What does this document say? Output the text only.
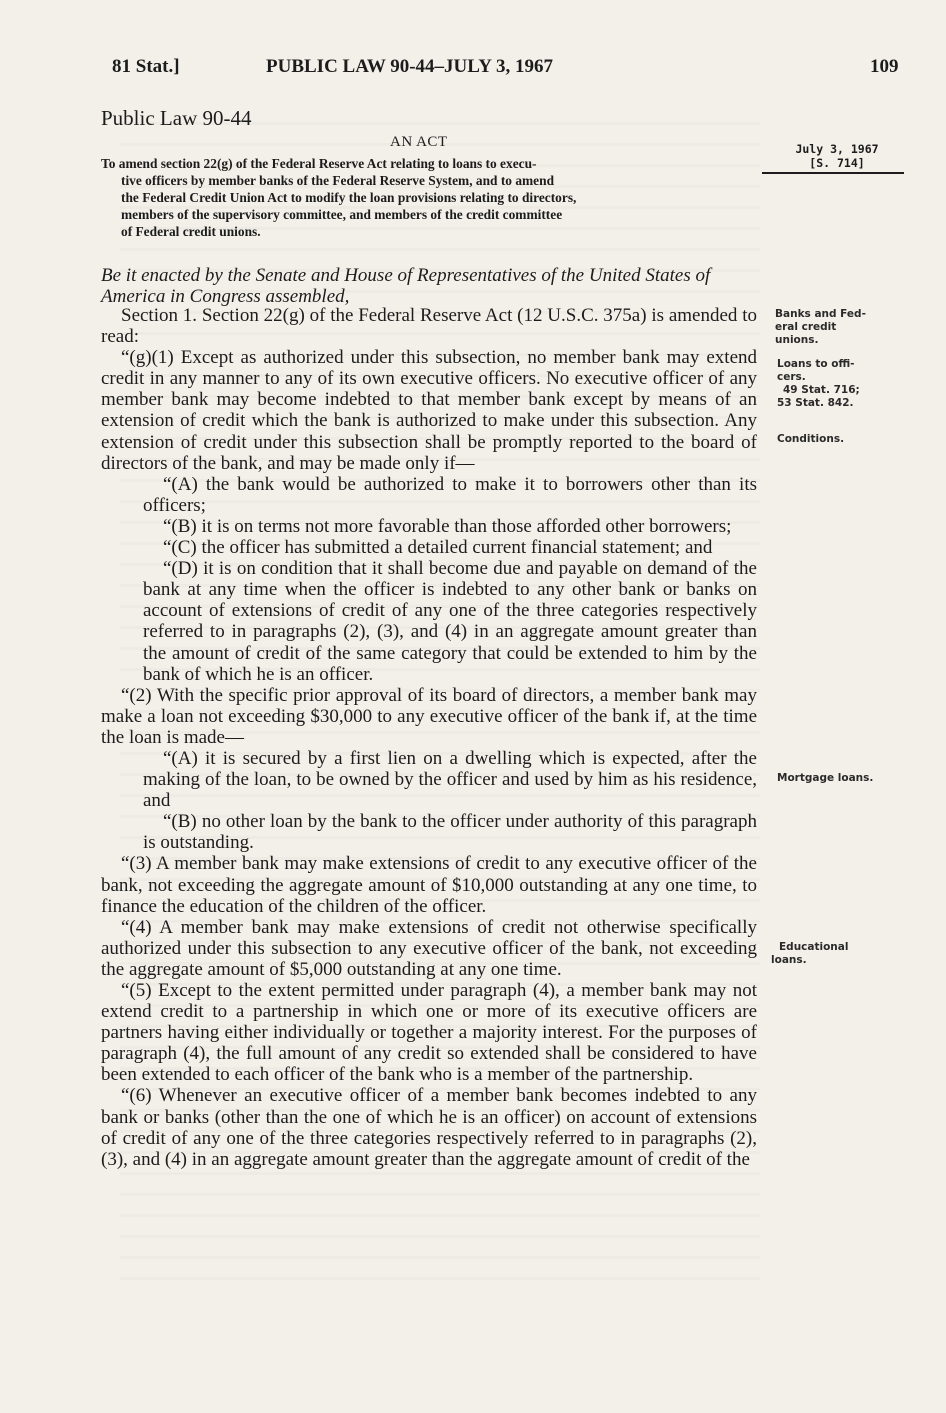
81 Stat.]	PUBLIC LAW 90-44–JULY 3, 1967	109
Public Law 90-44
AN ACT
To amend section 22(g) of the Federal Reserve Act relating to loans to execu-
tive officers by member banks of the Federal Reserve System, and to amend
the Federal Credit Union Act to modify the loan provisions relating to directors,
members of the supervisory committee, and members of the credit committee
of Federal credit unions.
July 3, 1967
[S. 714]
Be it enacted by the Senate and House of Representatives of the United States of America in Congress assembled,

Section 1. Section 22(g) of the Federal Reserve Act (12 U.S.C. 375a) is amended to read:

“(g)(1) Except as authorized under this subsection, no member bank may extend credit in any manner to any of its own executive officers. No executive officer of any member bank may become indebted to that member bank except by means of an extension of credit which the bank is authorized to make under this subsection. Any extension of credit under this subsection shall be promptly reported to the board of directors of the bank, and may be made only if—

“(A) the bank would be authorized to make it to borrowers other than its officers;

“(B) it is on terms not more favorable than those afforded other borrowers;

“(C) the officer has submitted a detailed current financial statement; and

“(D) it is on condition that it shall become due and payable on demand of the bank at any time when the officer is indebted to any other bank or banks on account of extensions of credit of any one of the three categories respectively referred to in paragraphs (2), (3), and (4) in an aggregate amount greater than the amount of credit of the same category that could be extended to him by the bank of which he is an officer.

“(2) With the specific prior approval of its board of directors, a member bank may make a loan not exceeding $30,000 to any executive officer of the bank if, at the time the loan is made—

“(A) it is secured by a first lien on a dwelling which is expected, after the making of the loan, to be owned by the officer and used by him as his residence, and

“(B) no other loan by the bank to the officer under authority of this paragraph is outstanding.

“(3) A member bank may make extensions of credit to any executive officer of the bank, not exceeding the aggregate amount of $10,000 outstanding at any one time, to finance the education of the children of the officer.

“(4) A member bank may make extensions of credit not otherwise specifically authorized under this subsection to any executive officer of the bank, not exceeding the aggregate amount of $5,000 outstanding at any one time.

“(5) Except to the extent permitted under paragraph (4), a member bank may not extend credit to a partnership in which one or more of its executive officers are partners having either individually or together a majority interest. For the purposes of paragraph (4), the full amount of any credit so extended shall be considered to have been extended to each officer of the bank who is a member of the partnership.

“(6) Whenever an executive officer of a member bank becomes indebted to any bank or banks (other than the one of which he is an officer) on account of extensions of credit of any one of the three categories respectively referred to in paragraphs (2), (3), and (4) in an aggregate amount greater than the aggregate amount of credit of the

Banks and Fed-
eral credit
unions.
Loans to offi-
cers.
49 Stat. 716;
53 Stat. 842.
Conditions.
Mortgage loans.
Educational
loans.
